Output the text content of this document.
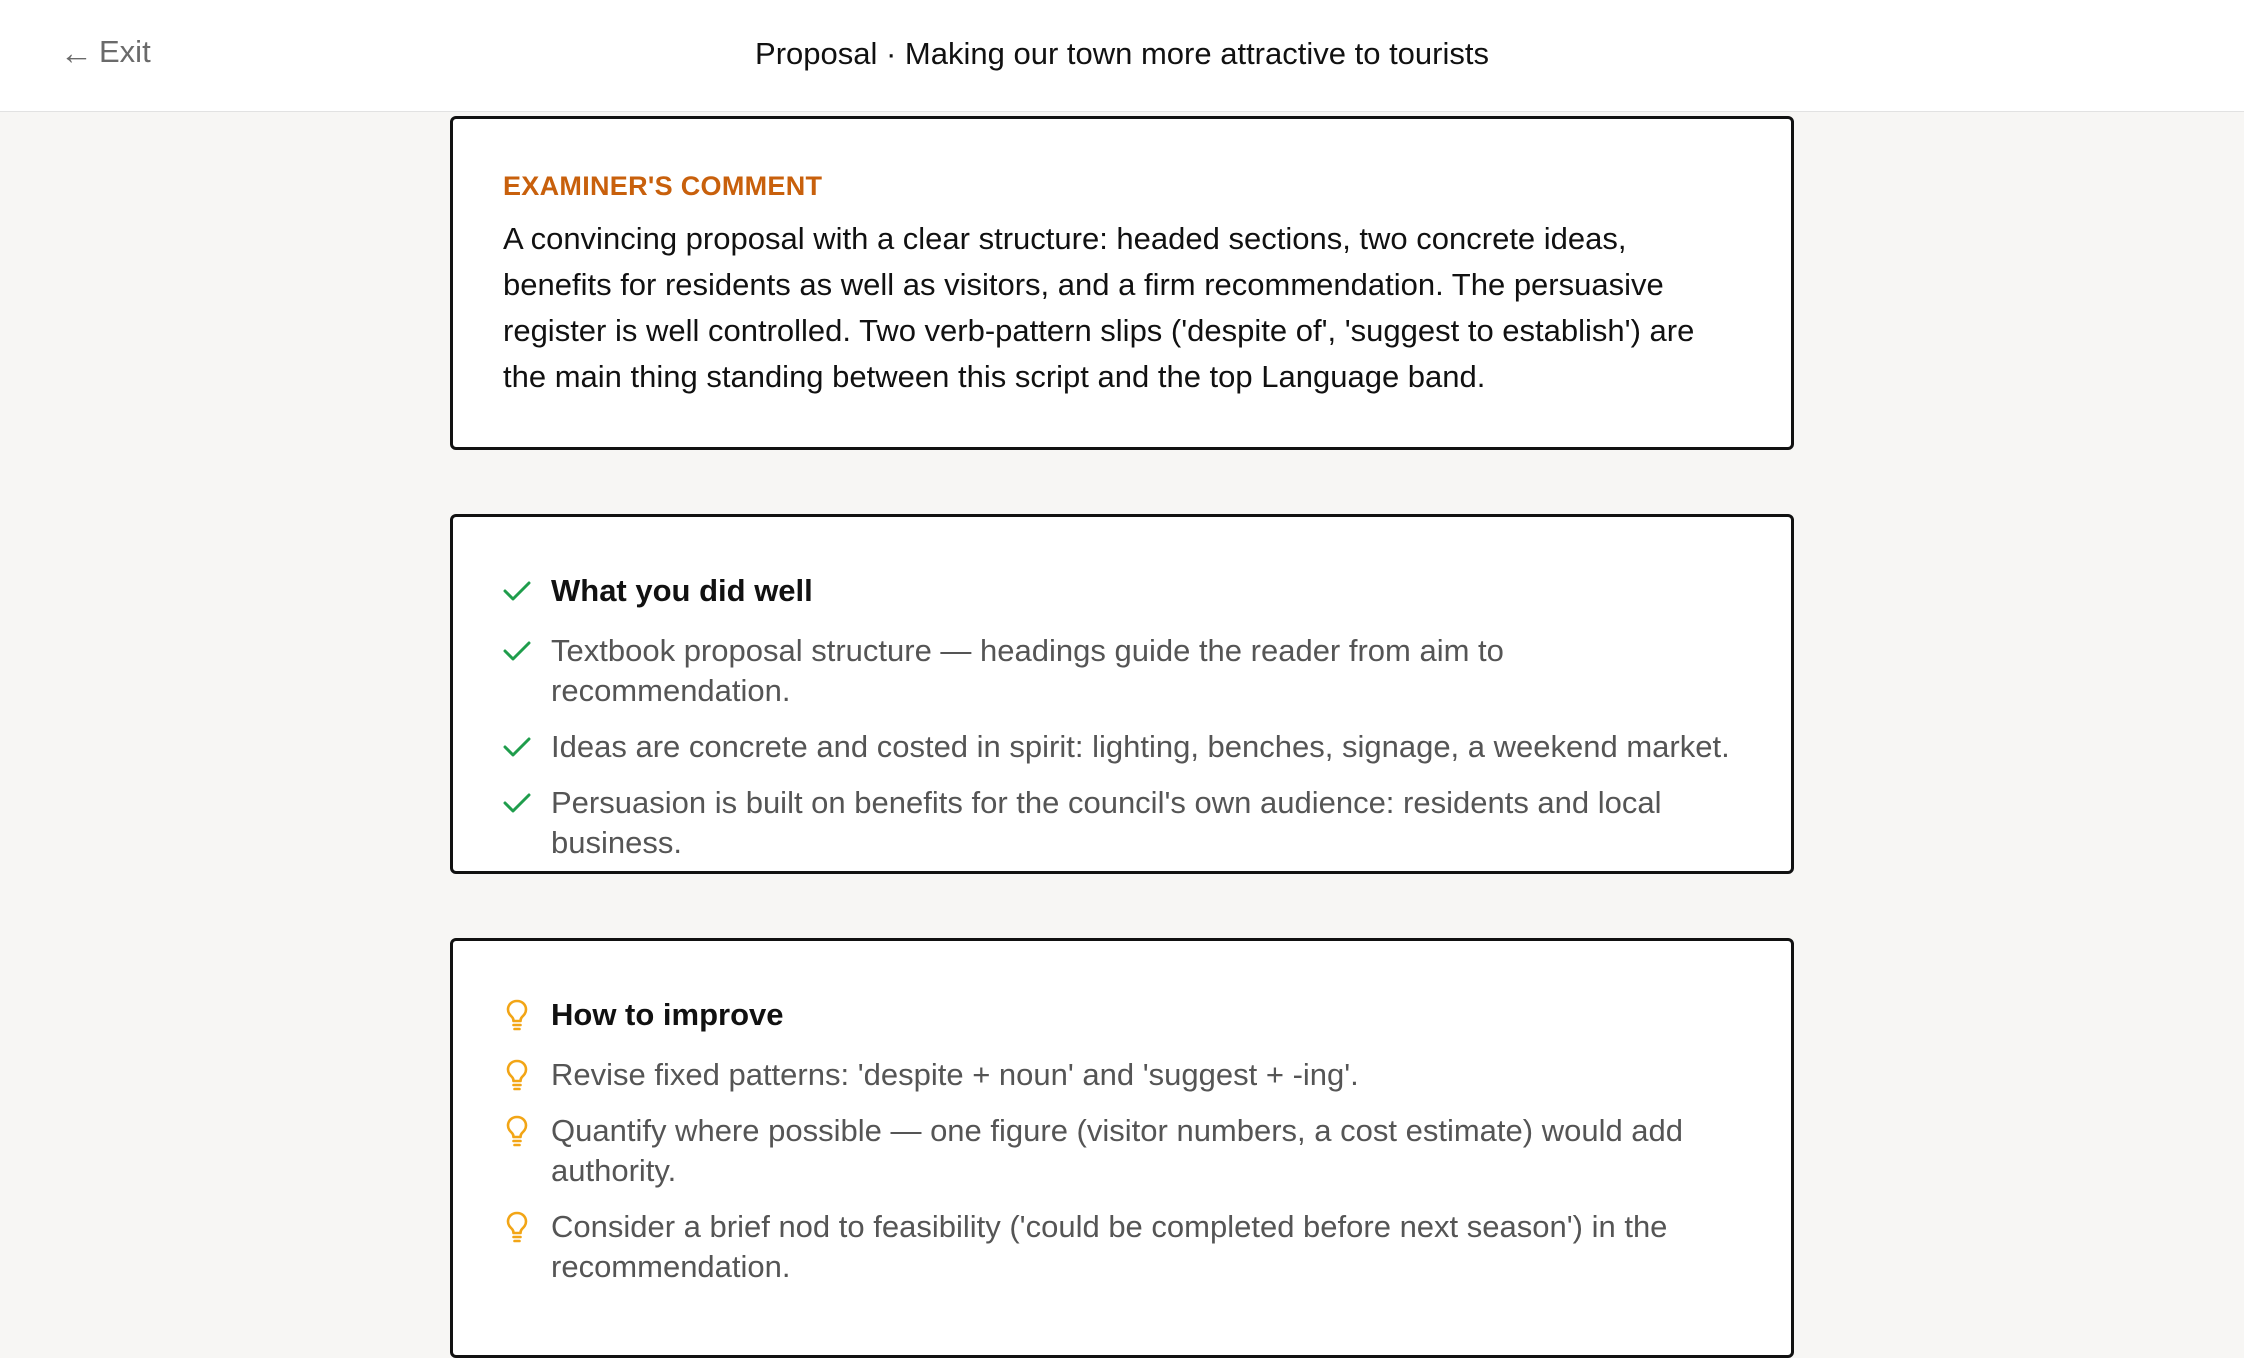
← Exit	Proposal · Making our town more attractive to tourists
EXAMINER'S COMMENT
A convincing proposal with a clear structure: headed sections, two concrete ideas, benefits for residents as well as visitors, and a firm recommendation. The persuasive register is well controlled. Two verb-pattern slips ('despite of', 'suggest to establish') are the main thing standing between this script and the top Language band.
What you did well
Textbook proposal structure — headings guide the reader from aim to recommendation.
Ideas are concrete and costed in spirit: lighting, benches, signage, a weekend market.
Persuasion is built on benefits for the council's own audience: residents and local business.
How to improve
Revise fixed patterns: 'despite + noun' and 'suggest + -ing'.
Quantify where possible — one figure (visitor numbers, a cost estimate) would add authority.
Consider a brief nod to feasibility ('could be completed before next season') in the recommendation.
